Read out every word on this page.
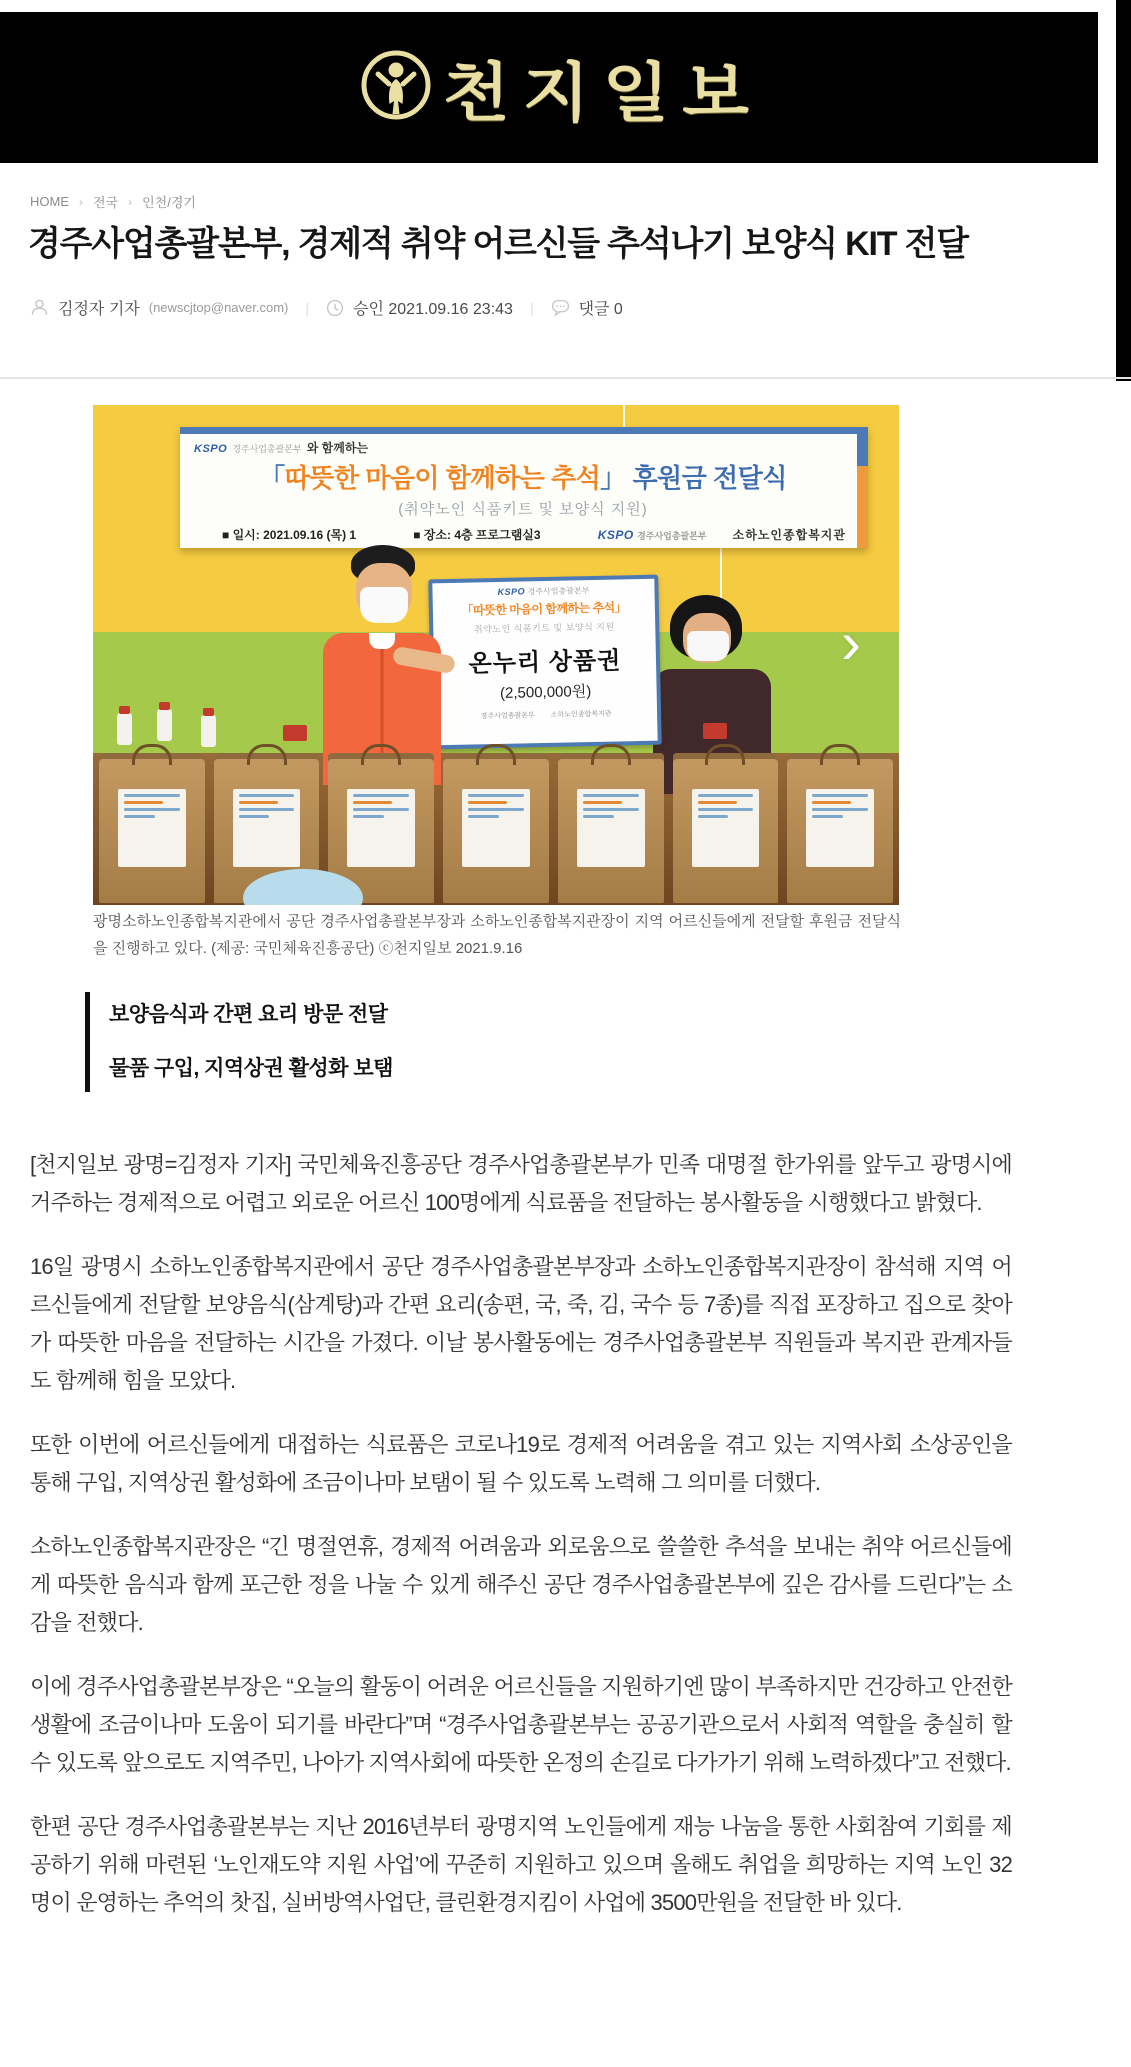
천지일보
HOME › 전국 › 인천/경기
경주사업총괄본부, 경제적 취약 어르신들 추석나기 보양식 KIT 전달
김정자 기자 (newscjtop@naver.com) |	승인 2021.09.16 23:43 |	댓글 0
KSPO 경주사업총괄본부 와 함께하는
「따뜻한 마음이 함께하는 추석」 후원금 전달식
(취약노인 식품키트 및 보양식 지원)
■ 일시: 2021.09.16 (목) 1	■ 장소: 4층 프로그램실3	KSPO 경주사업총괄본부 소하노인종합복지관
KSPO 경주사업총괄본부
「따뜻한 마음이 함께하는 추석」
취약노인 식품키트 및 보양식 지원
온누리 상품권
(2,500,000원)
경주사업총괄본부 소하노인종합복지관
›
광명소하노인종합복지관에서 공단 경주사업총괄본부장과 소하노인종합복지관장이 지역 어르신들에게 전달할 후원금 전달식을 진행하고 있다. (제공: 국민체육진흥공단) ⓒ천지일보 2021.9.16

보양음식과 간편 요리 방문 전달

물품 구입, 지역상권 활성화 보탬

[천지일보 광명=김정자 기자] 국민체육진흥공단 경주사업총괄본부가 민족 대명절 한가위를 앞두고 광명시에 거주하는 경제적으로 어렵고 외로운 어르신 100명에게 식료품을 전달하는 봉사활동을 시행했다고 밝혔다.

16일 광명시 소하노인종합복지관에서 공단 경주사업총괄본부장과 소하노인종합복지관장이 참석해 지역 어르신들에게 전달할 보양음식(삼계탕)과 간편 요리(송편, 국, 죽, 김, 국수 등 7종)를 직접 포장하고 집으로 찾아가 따뜻한 마음을 전달하는 시간을 가졌다. 이날 봉사활동에는 경주사업총괄본부 직원들과 복지관 관계자들도 함께해 힘을 모았다.

또한 이번에 어르신들에게 대접하는 식료품은 코로나19로 경제적 어려움을 겪고 있는 지역사회 소상공인을 통해 구입, 지역상권 활성화에 조금이나마 보탬이 될 수 있도록 노력해 그 의미를 더했다.

소하노인종합복지관장은 “긴 명절연휴, 경제적 어려움과 외로움으로 쓸쓸한 추석을 보내는 취약 어르신들에게 따뜻한 음식과 함께 포근한 정을 나눌 수 있게 해주신 공단 경주사업총괄본부에 깊은 감사를 드린다”는 소감을 전했다.

이에 경주사업총괄본부장은 “오늘의 활동이 어려운 어르신들을 지원하기엔 많이 부족하지만 건강하고 안전한 생활에 조금이나마 도움이 되기를 바란다”며 “경주사업총괄본부는 공공기관으로서 사회적 역할을 충실히 할 수 있도록 앞으로도 지역주민, 나아가 지역사회에 따뜻한 온정의 손길로 다가가기 위해 노력하겠다”고 전했다.

한편 공단 경주사업총괄본부는 지난 2016년부터 광명지역 노인들에게 재능 나눔을 통한 사회참여 기회를 제공하기 위해 마련된 ‘노인재도약 지원 사업’에 꾸준히 지원하고 있으며 올해도 취업을 희망하는 지역 노인 32명이 운영하는 추억의 찻집, 실버방역사업단, 클린환경지킴이 사업에 3500만원을 전달한 바 있다.
